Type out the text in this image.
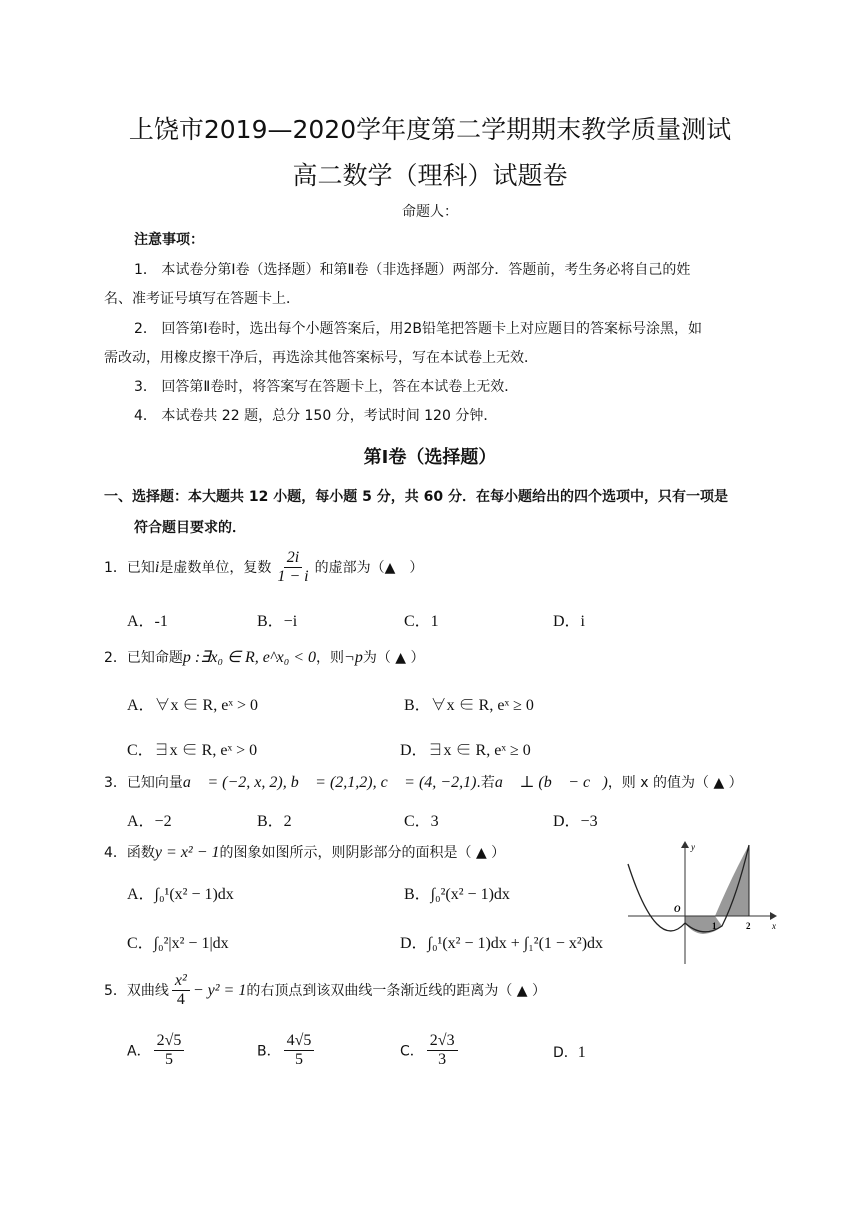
上饶市2019—2020学年度第二学期期末教学质量测试
高二数学（理科）试题卷
命题人：
注意事项：
1． 本试卷分第Ⅰ卷（选择题）和第Ⅱ卷（非选择题）两部分．答题前，考生务必将自己的姓
名、准考证号填写在答题卡上．
2． 回答第Ⅰ卷时，选出每个小题答案后，用2B铅笔把答题卡上对应题目的答案标号涂黑，如
需改动，用橡皮擦干净后，再选涂其他答案标号，写在本试卷上无效．
3． 回答第Ⅱ卷时，将答案写在答题卡上，答在本试卷上无效．
4． 本试卷共 22 题，总分 150 分，考试时间 120 分钟．
第Ⅰ卷（选择题）
一、选择题：本大题共 12 小题，每小题 5 分，共 60 分．在每小题给出的四个选项中，只有一项是
符合题目要求的．
1．已知i是虚数单位，复数 $\frac{2i}{1 - i}$ 的虚部为（▲　）
A．-1	B．−i	C．1	D．i
2．已知命题p :∃x₀ ∈ R, e^x₀ < 0，则¬p为（ ▲ ）
A．∀x ∈ R, eˣ > 0	B．∀x ∈ R, eˣ ≥ 0
C．∃x ∈ R, eˣ > 0	D．∃x ∈ R, eˣ ≥ 0
3．已知向量a⃗ = (−2, x, 2), b⃗ = (2,1,2), c⃗ = (4, −2,1).若a⃗ ⊥ (b⃗ − c⃗)，则 x 的值为（ ▲ ）
A．−2	B．2	C．3	D．−3
4．函数y = x² − 1的图象如图所示，则阴影部分的面积是（ ▲ ）
A．∫₀¹(x² − 1)dx	B．∫₀²(x² − 1)dx
C．∫₀²|x² − 1|dx	D．∫₀¹(x² − 1)dx + ∫₁²(1 − x²)dx
y
x
O
1	2
5．双曲线 $\frac{\text{x²}}{4} - y^2 = 1$的右顶点到该双曲线一条渐近线的距离为（ ▲ ）
A． $\frac{2√5}{5}$	B． $\frac{4√5}{5}$	C． $\frac{2√3}{3}$	D．1
